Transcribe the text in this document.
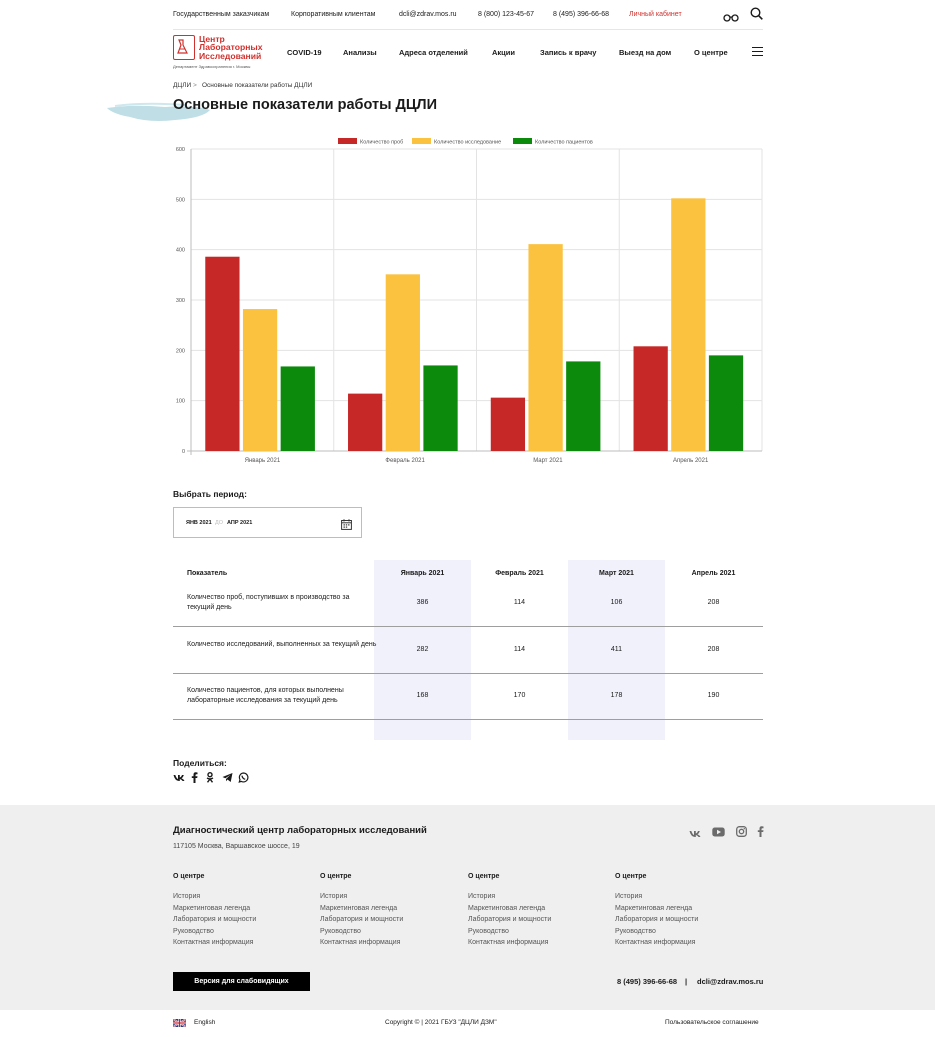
Государственным заказчикам	Корпоративным клиентам	dcli@zdrav.mos.ru	8 (800) 123-45-67	8 (495) 396-66-68	Личный кабинет
Центр
Лабораторных
Исследований
Департамент Здравоохранения г. Москвы
COVID-19	Анализы	Адреса отделений	Акции	Запись к врачу	Выезд на дом	О центре
ДЦЛИ > Основные показатели работы ДЦЛИ
Основные показатели работы ДЦЛИ
0
100
200
300
400
500
600
Январь 2021	Февраль 2021	Март 2021	Апрель 2021
Количество проб	Количество исследование	Количество пациентов
Выбрать период:
ЯНВ 2021 ДО АПР 2021
Показатель	Январь 2021	Февраль 2021	Март 2021	Апрель 2021
Количество проб, поступивших в производство за текущий день
386	114	106	208
Количество исследований, выполненных за текущий день
282	114	411	208
Количество пациентов, для которых выполнены лабораторные исследования за текущий день
168	170	178	190
Поделиться:
Диагностический центр лабораторных исследований
117105 Москва, Варшавское шоссе, 19
О центре
История
Маркетинговая легенда
Лаборатория и мощности
Руководство
Контактная информация
О центре
История
Маркетинговая легенда
Лаборатория и мощности
Руководство
Контактная информация
О центре
История
Маркетинговая легенда
Лаборатория и мощности
Руководство
Контактная информация
О центре
История
Маркетинговая легенда
Лаборатория и мощности
Руководство
Контактная информация
Версия для слабовидящих	8 (495) 396-66-68 | dcli@zdrav.mos.ru
English	Copyright © | 2021 ГБУЗ "ДЦЛИ ДЗМ"	Пользовательское соглашение
